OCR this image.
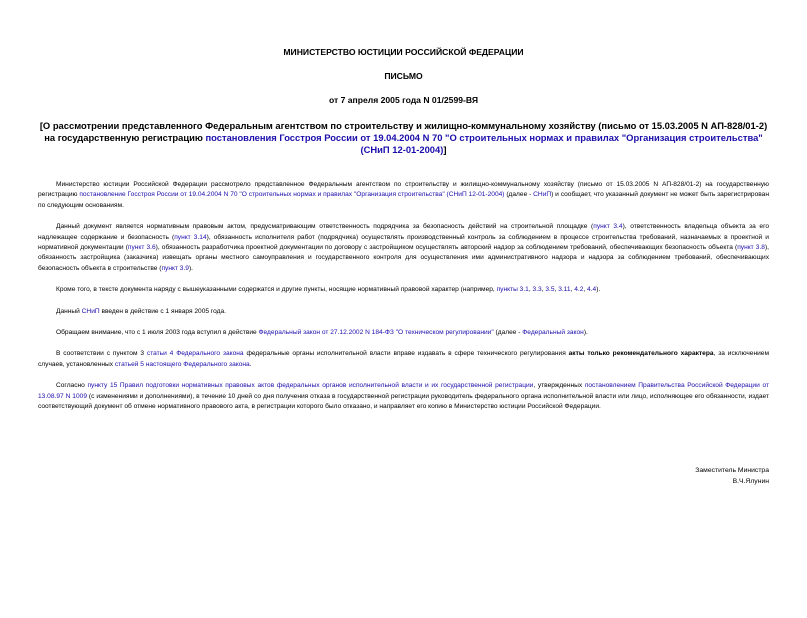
МИНИСТЕРСТВО ЮСТИЦИИ РОССИЙСКОЙ ФЕДЕРАЦИИ
ПИСЬМО
от 7 апреля 2005 года N 01/2599-ВЯ
[О рассмотрении представленного Федеральным агентством по строительству и жилищно-коммунальному хозяйству (письмо от 15.03.2005 N АП-828/01-2) на государственную регистрацию постановления Госстроя России от 19.04.2004 N 70 "О строительных нормах и правилах "Организация строительства" (СНиП 12-01-2004)]

Министерство юстиции Российской Федерации рассмотрело представленное Федеральным агентством по строительству и жилищно-коммунальному хозяйству (письмо от 15.03.2005 N АП-828/01-2) на государственную регистрацию постановление Госстроя России от 19.04.2004 N 70 "О строительных нормах и правилах "Организация строительства" (СНиП 12-01-2004) (далее - СНиП) и сообщает, что указанный документ не может быть зарегистрирован по следующим основаниям.

Данный документ является нормативным правовым актом, предусматривающим ответственность подрядчика за безопасность действий на строительной площадке (пункт 3.4), ответственность владельца объекта за его надлежащее содержание и безопасность (пункт 3.14), обязанность исполнителя работ (подрядчика) осуществлять производственный контроль за соблюдением в процессе строительства требований, назначаемых в проектной и нормативной документации (пункт 3.6), обязанность разработчика проектной документации по договору с застройщиком осуществлять авторский надзор за соблюдением требований, обеспечивающих безопасность объекта (пункт 3.8), обязанность застройщика (заказчика) извещать органы местного самоуправления и государственного контроля для осуществления ими административного надзора и надзора за соблюдением требований, обеспечивающих безопасность объекта в строительстве (пункт 3.9).

Кроме того, в тексте документа наряду с вышеуказанными содержатся и другие пункты, носящие нормативный правовой характер (например, пункты 3.1, 3.3, 3.5, 3.11, 4.2, 4.4).

Данный СНиП введен в действие с 1 января 2005 года.

Обращаем внимание, что с 1 июля 2003 года вступил в действие Федеральный закон от 27.12.2002 N 184-ФЗ "О техническом регулировании" (далее - Федеральный закон).

В соответствии с пунктом 3 статьи 4 Федерального закона федеральные органы исполнительной власти вправе издавать в сфере технического регулирования акты только рекомендательного характера, за исключением случаев, установленных статьей 5 настоящего Федерального закона.

Согласно пункту 15 Правил подготовки нормативных правовых актов федеральных органов исполнительной власти и их государственной регистрации, утвержденных постановлением Правительства Российской Федерации от 13.08.97 N 1009 (с изменениями и дополнениями), в течение 10 дней со дня получения отказа в государственной регистрации руководитель федерального органа исполнительной власти или лицо, исполняющее его обязанности, издает соответствующий документ об отмене нормативного правового акта, в регистрации которого было отказано, и направляет его копию в Министерство юстиции Российской Федерации.

Заместитель Министра
В.Ч.Ялунин
